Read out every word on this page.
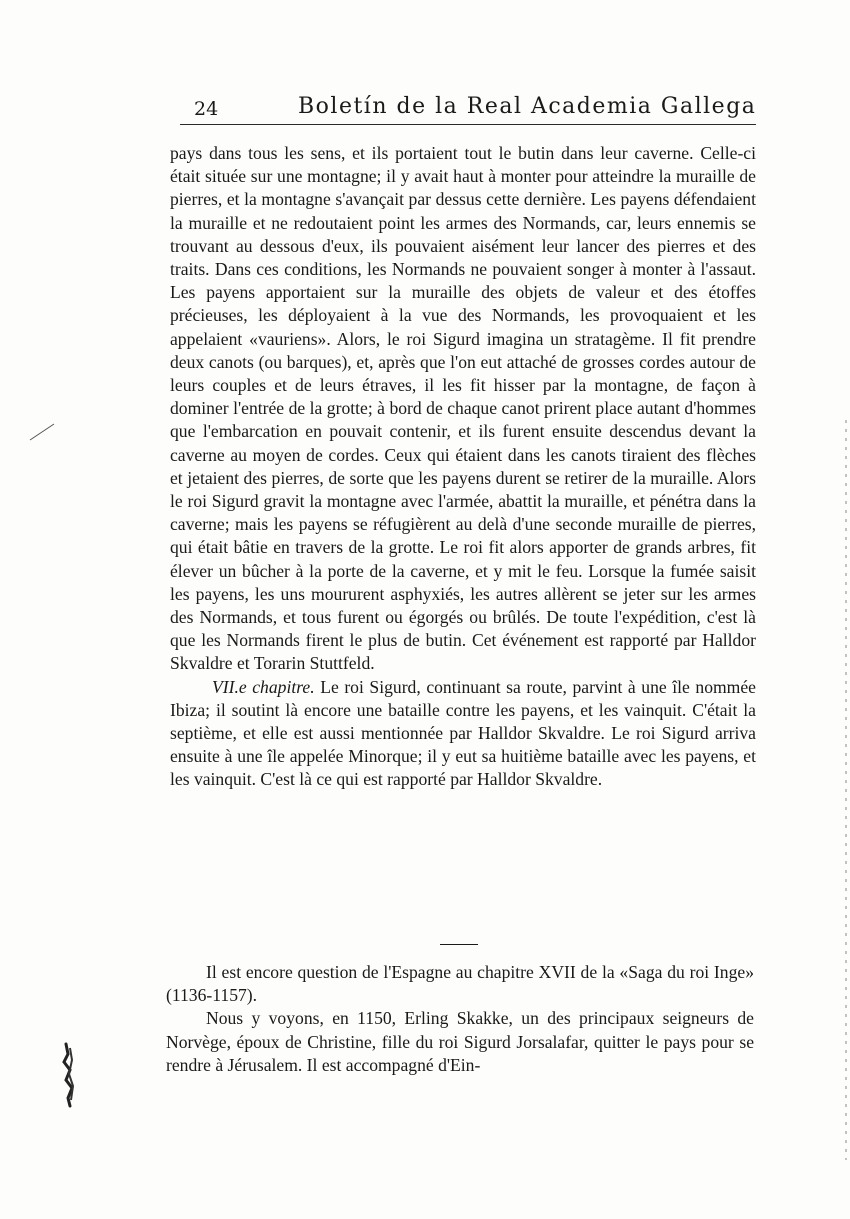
24	Boletín de la Real Academia Gallega

pays dans tous les sens, et ils portaient tout le butin dans leur caverne. Celle-ci était située sur une montagne; il y avait haut à monter pour atteindre la muraille de pierres, et la montagne s'avançait par dessus cette dernière. Les payens défendaient la muraille et ne redoutaient point les armes des Normands, car, leurs ennemis se trouvant au dessous d'eux, ils pouvaient aisément leur lancer des pierres et des traits. Dans ces conditions, les Normands ne pouvaient songer à monter à l'assaut. Les payens apportaient sur la muraille des objets de valeur et des étoffes précieuses, les déployaient à la vue des Normands, les provoquaient et les appelaient «vauriens». Alors, le roi Sigurd imagina un stratagème. Il fit prendre deux canots (ou barques), et, après que l'on eut attaché de grosses cordes autour de leurs couples et de leurs étraves, il les fit hisser par la montagne, de façon à dominer l'entrée de la grotte; à bord de chaque canot prirent place autant d'hommes que l'embarcation en pouvait contenir, et ils furent ensuite descendus devant la caverne au moyen de cordes. Ceux qui étaient dans les canots tiraient des flèches et jetaient des pierres, de sorte que les payens durent se retirer de la muraille. Alors le roi Sigurd gravit la montagne avec l'armée, abattit la muraille, et pénétra dans la caverne; mais les payens se réfugièrent au delà d'une seconde muraille de pierres, qui était bâtie en travers de la grotte. Le roi fit alors apporter de grands arbres, fit élever un bûcher à la porte de la caverne, et y mit le feu. Lorsque la fumée saisit les payens, les uns moururent asphyxiés, les autres allèrent se jeter sur les armes des Normands, et tous furent ou égorgés ou brûlés. De toute l'expédition, c'est là que les Normands firent le plus de butin. Cet événement est rapporté par Halldor Skvaldre et Torarin Stuttfeld.

VII.e chapitre. Le roi Sigurd, continuant sa route, parvint à une île nommée Ibiza; il soutint là encore une bataille contre les payens, et les vainquit. C'était la septième, et elle est aussi mentionnée par Halldor Skvaldre. Le roi Sigurd arriva ensuite à une île appelée Minorque; il y eut sa huitième bataille avec les payens, et les vainquit. C'est là ce qui est rapporté par Halldor Skvaldre.

Il est encore question de l'Espagne au chapitre XVII de la «Saga du roi Inge» (1136-1157).

Nous y voyons, en 1150, Erling Skakke, un des principaux seigneurs de Norvège, époux de Christine, fille du roi Sigurd Jorsalafar, quitter le pays pour se rendre à Jérusalem. Il est accompagné d'Ein-
